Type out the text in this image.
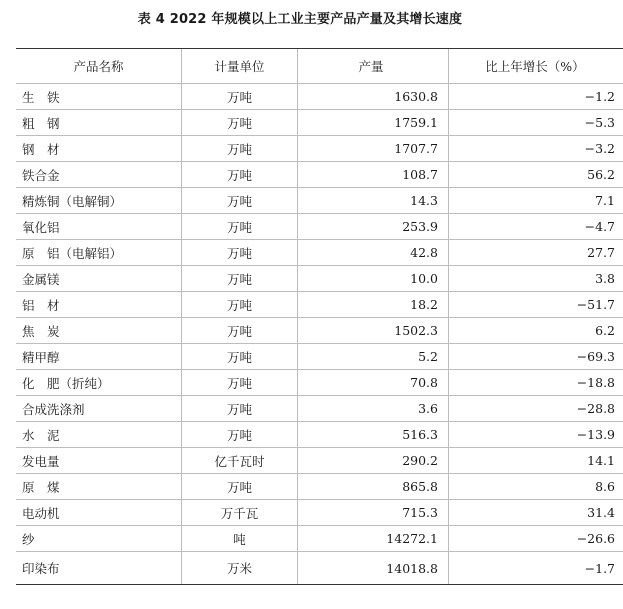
表 4 2022 年规模以上工业主要产品产量及其增长速度
产品名称	计量单位	产量	比上年增长（%）
生　铁	万吨	1630.8	−1.2
粗　钢	万吨	1759.1	−5.3
钢　材	万吨	1707.7	−3.2
铁合金	万吨	108.7	56.2
精炼铜（电解铜）	万吨	14.3	7.1
氧化铝	万吨	253.9	−4.7
原　铝（电解铝）	万吨	42.8	27.7
金属镁	万吨	10.0	3.8
铝　材	万吨	18.2	−51.7
焦　炭	万吨	1502.3	6.2
精甲醇	万吨	5.2	−69.3
化　肥（折纯）	万吨	70.8	−18.8
合成洗涤剂	万吨	3.6	−28.8
水　泥	万吨	516.3	−13.9
发电量	亿千瓦时	290.2	14.1
原　煤	万吨	865.8	8.6
电动机	万千瓦	715.3	31.4
纱	吨	14272.1	−26.6
印染布	万米	14018.8	−1.7
